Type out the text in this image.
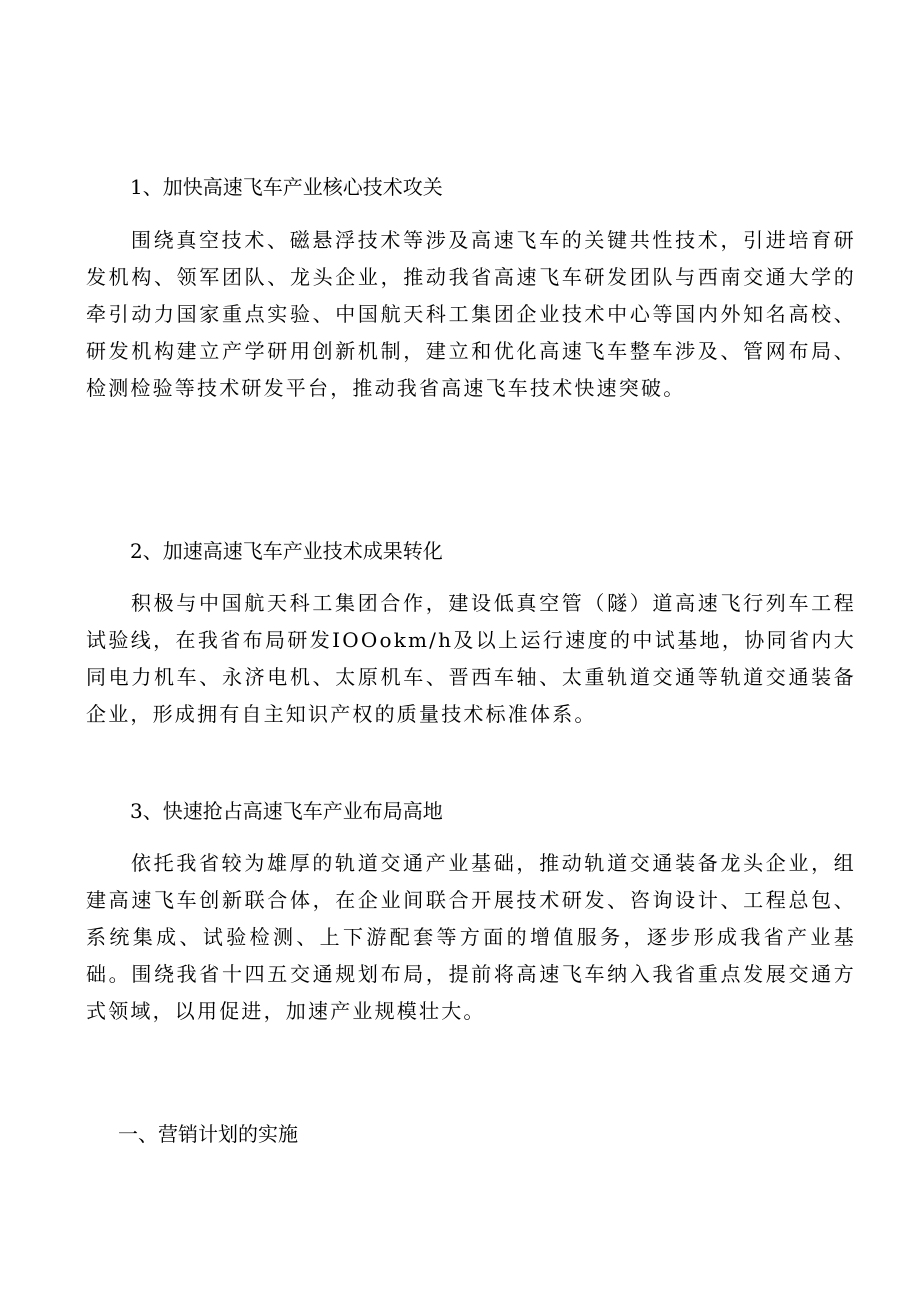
1、加快高速飞车产业核心技术攻关

围绕真空技术、磁悬浮技术等涉及高速飞车的关键共性技术，引进培育研发机构、领军团队、龙头企业，推动我省高速飞车研发团队与西南交通大学的牵引动力国家重点实验、中国航天科工集团企业技术中心等国内外知名高校、研发机构建立产学研用创新机制，建立和优化高速飞车整车涉及、管网布局、检测检验等技术研发平台，推动我省高速飞车技术快速突破。

2、加速高速飞车产业技术成果转化

积极与中国航天科工集团合作，建设低真空管（隧）道高速飞行列车工程试验线，在我省布局研发IOOokm/h及以上运行速度的中试基地，协同省内大同电力机车、永济电机、太原机车、晋西车轴、太重轨道交通等轨道交通装备企业，形成拥有自主知识产权的质量技术标准体系。

3、快速抢占高速飞车产业布局高地

依托我省较为雄厚的轨道交通产业基础，推动轨道交通装备龙头企业，组建高速飞车创新联合体，在企业间联合开展技术研发、咨询设计、工程总包、系统集成、试验检测、上下游配套等方面的增值服务，逐步形成我省产业基础。围绕我省十四五交通规划布局，提前将高速飞车纳入我省重点发展交通方式领域，以用促进，加速产业规模壮大。

一、营销计划的实施
